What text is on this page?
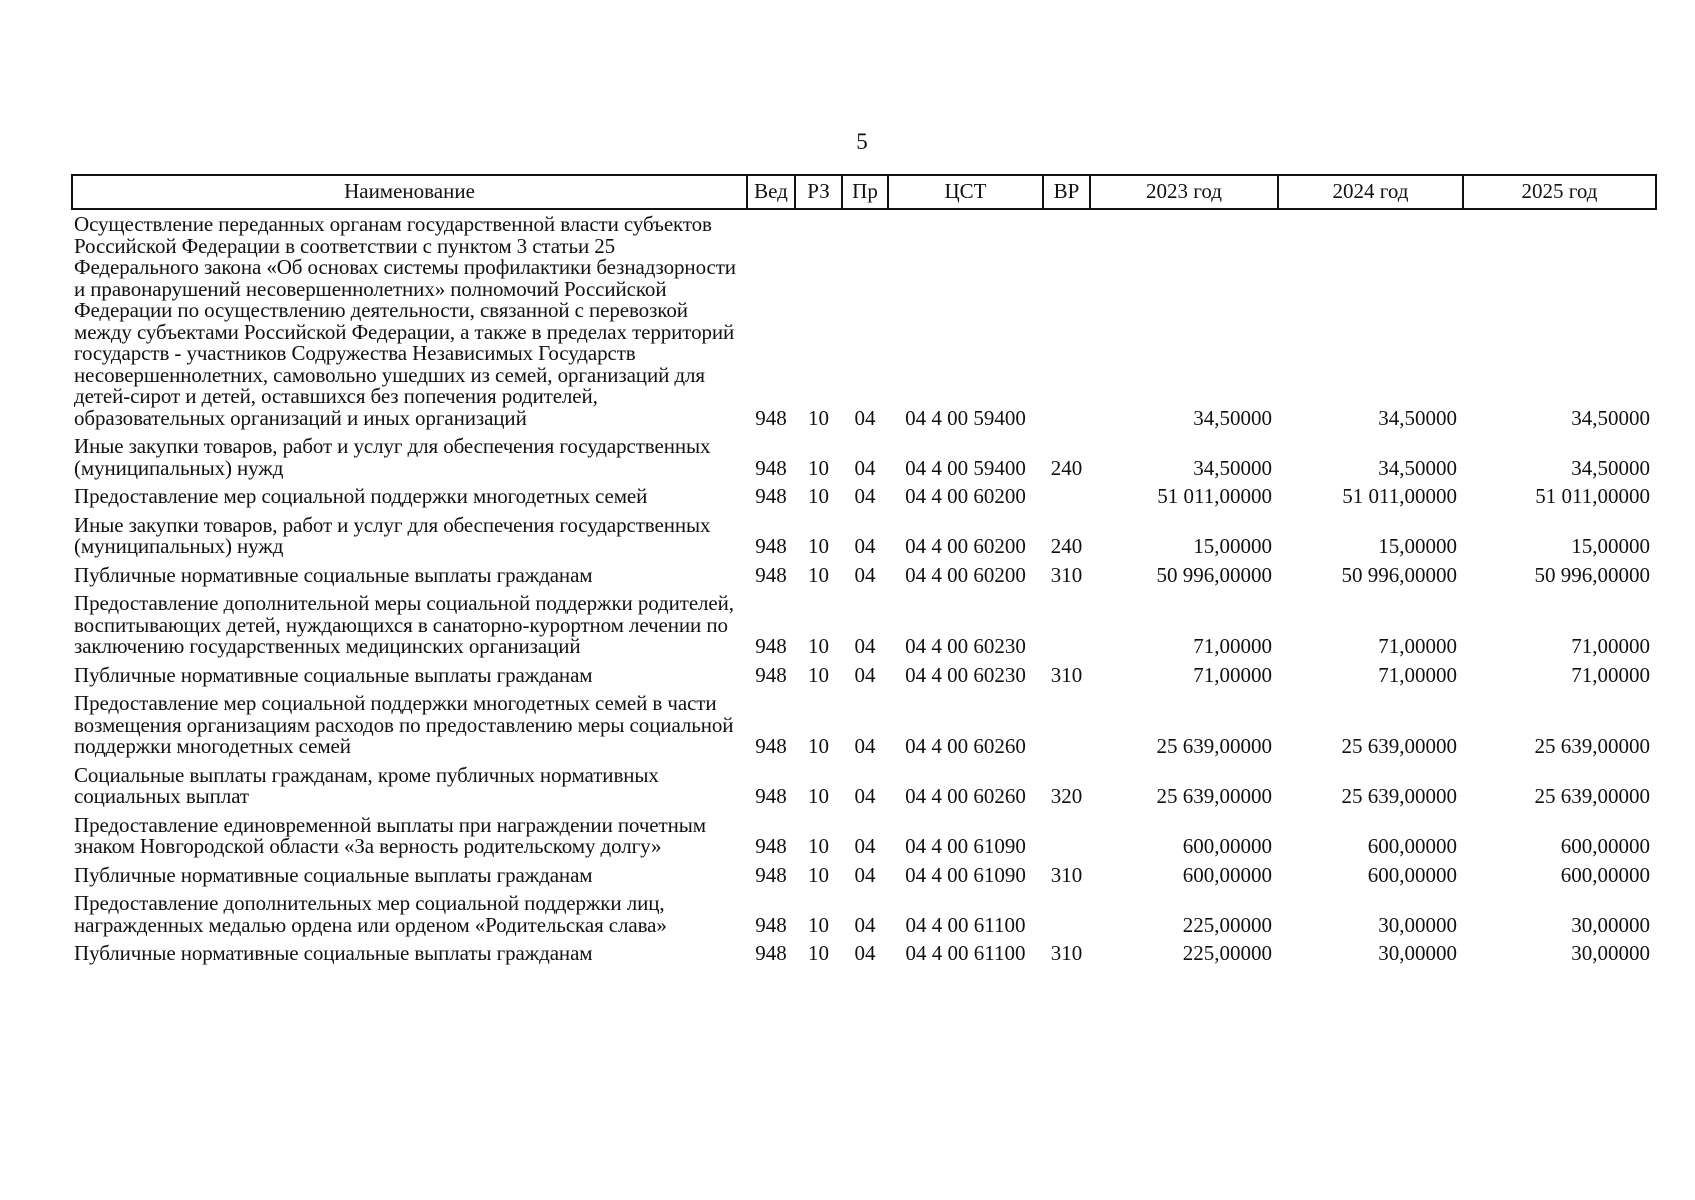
5
Наименование	Вед	РЗ	Пр	ЦСТ	ВР	2023 год	2024 год	2025 год
Осуществление переданных органам государственной власти субъектов Российской Федерации в соответствии с пунктом 3 статьи 25 Федерального закона «Об основах системы профилактики безнадзорности и правонарушений несовершеннолетних» полномочий Российской Федерации по осуществлению деятельности, связанной с перевозкой между субъектами Российской Федерации, а также в пределах территорий государств - участников Содружества Независимых Государств несовершеннолетних, самовольно ушедших из семей, организаций для детей-сирот и детей, оставшихся без попечения родителей, образовательных организаций и иных организаций	948	10	04	04 4 00 59400		34,50000	34,50000	34,50000
Иные закупки товаров, работ и услуг для обеспечения государственных (муниципальных) нужд	948	10	04	04 4 00 59400	240	34,50000	34,50000	34,50000
Предоставление мер социальной поддержки многодетных семей	948	10	04	04 4 00 60200		51 011,00000	51 011,00000	51 011,00000
Иные закупки товаров, работ и услуг для обеспечения государственных (муниципальных) нужд	948	10	04	04 4 00 60200	240	15,00000	15,00000	15,00000
Публичные нормативные социальные выплаты гражданам	948	10	04	04 4 00 60200	310	50 996,00000	50 996,00000	50 996,00000
Предоставление дополнительной меры социальной поддержки родителей, воспитывающих детей, нуждающихся в санаторно-курортном лечении по заключению государственных медицинских организаций	948	10	04	04 4 00 60230		71,00000	71,00000	71,00000
Публичные нормативные социальные выплаты гражданам	948	10	04	04 4 00 60230	310	71,00000	71,00000	71,00000
Предоставление мер социальной поддержки многодетных семей в части возмещения организациям расходов по предоставлению меры социальной поддержки многодетных семей	948	10	04	04 4 00 60260		25 639,00000	25 639,00000	25 639,00000
Социальные выплаты гражданам, кроме публичных нормативных социальных выплат	948	10	04	04 4 00 60260	320	25 639,00000	25 639,00000	25 639,00000
Предоставление единовременной выплаты при награждении почетным знаком Новгородской области «За верность родительскому долгу»	948	10	04	04 4 00 61090		600,00000	600,00000	600,00000
Публичные нормативные социальные выплаты гражданам	948	10	04	04 4 00 61090	310	600,00000	600,00000	600,00000
Предоставление дополнительных мер социальной поддержки лиц, награжденных медалью ордена или орденом «Родительская слава»	948	10	04	04 4 00 61100		225,00000	30,00000	30,00000
Публичные нормативные социальные выплаты гражданам	948	10	04	04 4 00 61100	310	225,00000	30,00000	30,00000
